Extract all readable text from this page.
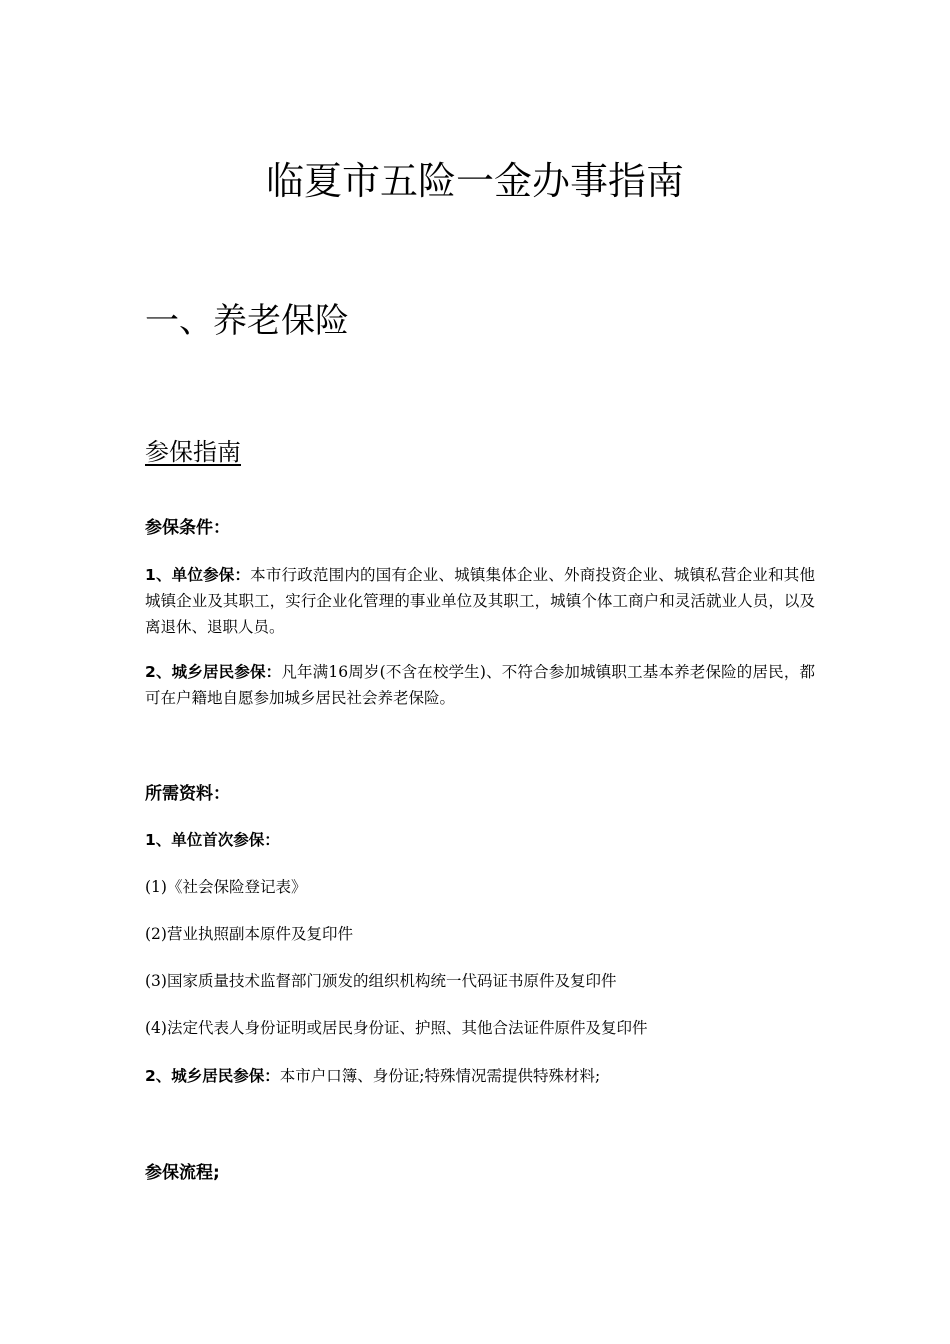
临夏市五险一金办事指南
一、养老保险
参保指南

参保条件：

1、单位参保：本市行政范围内的国有企业、城镇集体企业、外商投资企业、城镇私营企业和其他城镇企业及其职工，实行企业化管理的事业单位及其职工，城镇个体工商户和灵活就业人员，以及离退休、退职人员。

2、城乡居民参保：凡年满16周岁(不含在校学生)、不符合参加城镇职工基本养老保险的居民，都可在户籍地自愿参加城乡居民社会养老保险。

所需资料：

1、单位首次参保：

(1)《社会保险登记表》

(2)营业执照副本原件及复印件

(3)国家质量技术监督部门颁发的组织机构统一代码证书原件及复印件

(4)法定代表人身份证明或居民身份证、护照、其他合法证件原件及复印件

2、城乡居民参保：本市户口簿、身份证;特殊情况需提供特殊材料;

参保流程;
